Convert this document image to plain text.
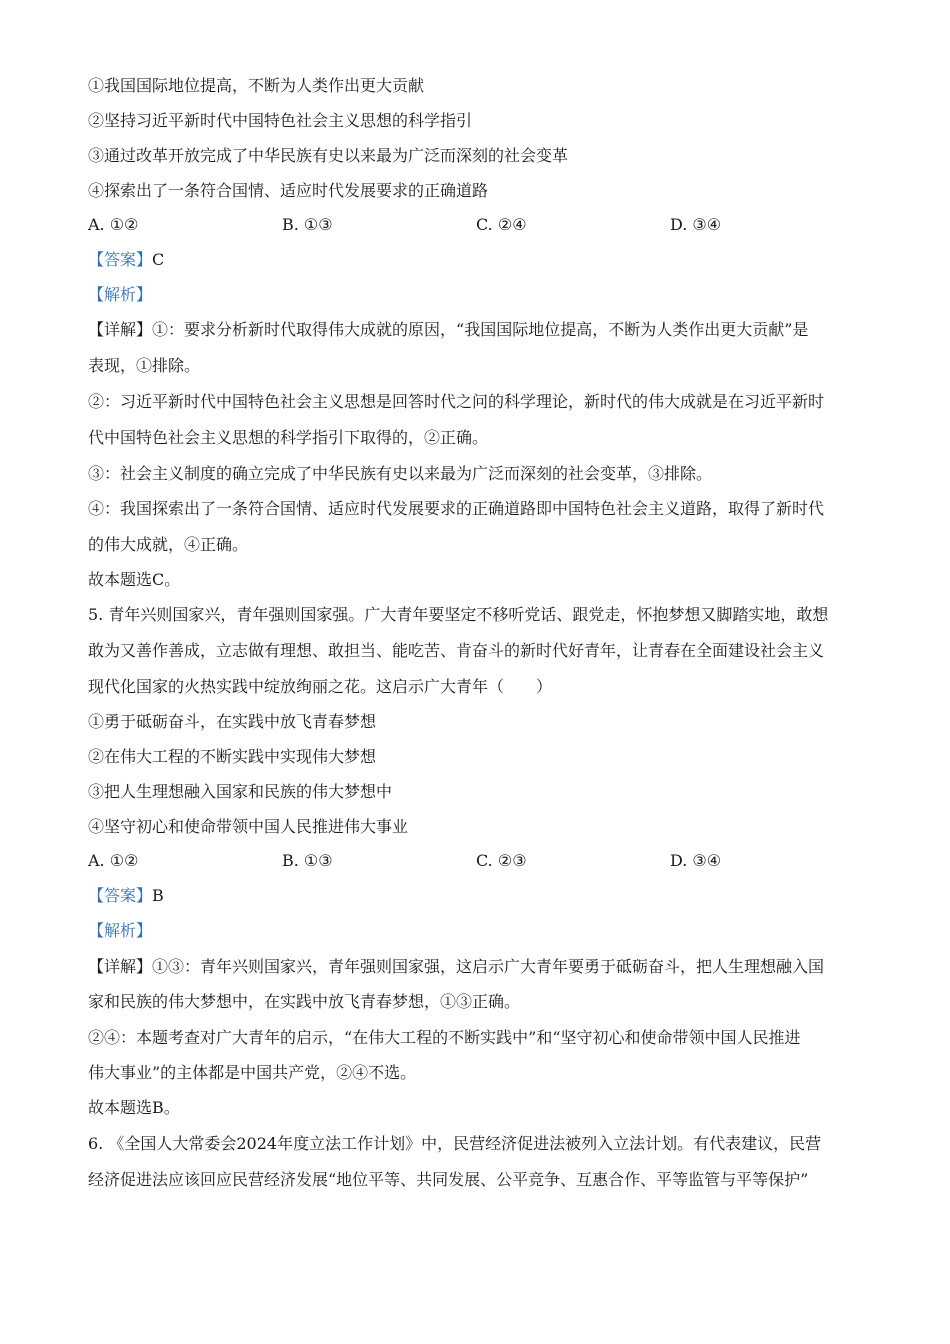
①我国国际地位提高，不断为人类作出更大贡献
②坚持习近平新时代中国特色社会主义思想的科学指引
③通过改革开放完成了中华民族有史以来最为广泛而深刻的社会变革
④探索出了一条符合国情、适应时代发展要求的正确道路
A. ①②	B. ①③	C. ②④	D. ③④
【答案】C
【解析】
【详解】①：要求分析新时代取得伟大成就的原因，“我国国际地位提高，不断为人类作出更大贡献”是
表现，①排除。
②：习近平新时代中国特色社会主义思想是回答时代之问的科学理论，新时代的伟大成就是在习近平新时
代中国特色社会主义思想的科学指引下取得的，②正确。
③：社会主义制度的确立完成了中华民族有史以来最为广泛而深刻的社会变革，③排除。
④：我国探索出了一条符合国情、适应时代发展要求的正确道路即中国特色社会主义道路，取得了新时代
的伟大成就，④正确。
故本题选C。
5. 青年兴则国家兴，青年强则国家强。广大青年要坚定不移听党话、跟党走，怀抱梦想又脚踏实地，敢想
敢为又善作善成，立志做有理想、敢担当、能吃苦、肯奋斗的新时代好青年，让青春在全面建设社会主义
现代化国家的火热实践中绽放绚丽之花。这启示广大青年（　　）
①勇于砥砺奋斗，在实践中放飞青春梦想
②在伟大工程的不断实践中实现伟大梦想
③把人生理想融入国家和民族的伟大梦想中
④坚守初心和使命带领中国人民推进伟大事业
A. ①②	B. ①③	C. ②③	D. ③④
【答案】B
【解析】
【详解】①③：青年兴则国家兴，青年强则国家强，这启示广大青年要勇于砥砺奋斗，把人生理想融入国
家和民族的伟大梦想中，在实践中放飞青春梦想，①③正确。
②④：本题考查对广大青年的启示，“在伟大工程的不断实践中”和“坚守初心和使命带领中国人民推进
伟大事业”的主体都是中国共产党，②④不选。
故本题选B。
6. 《全国人大常委会2024年度立法工作计划》中，民营经济促进法被列入立法计划。有代表建议，民营
经济促进法应该回应民营经济发展“地位平等、共同发展、公平竞争、互惠合作、平等监管与平等保护”
